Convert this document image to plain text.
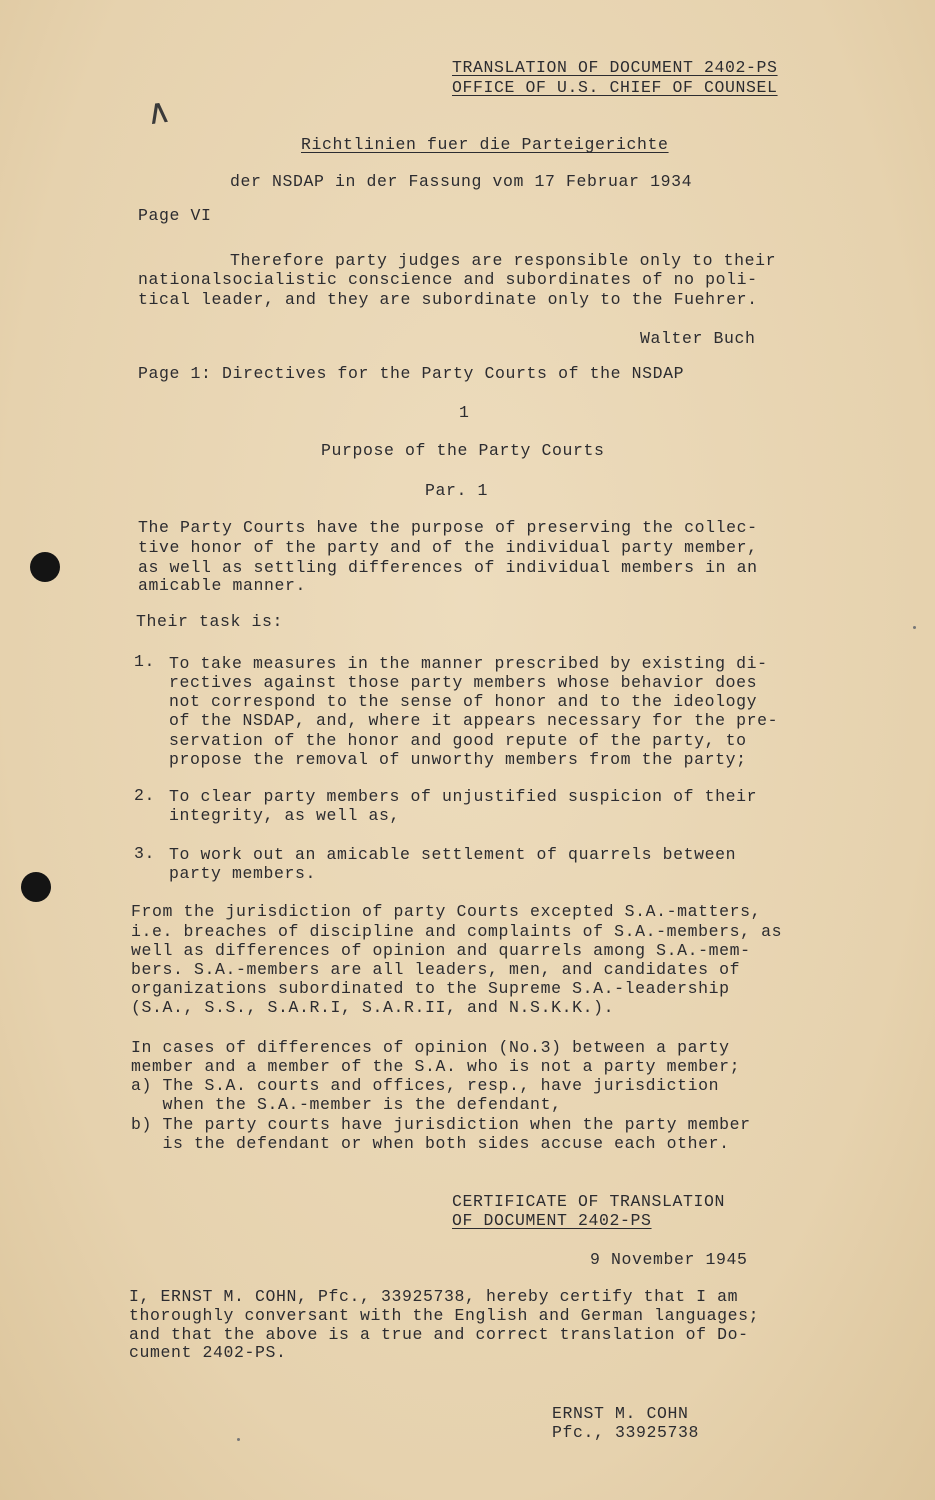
∧
TRANSLATION OF DOCUMENT 2402-PS
OFFICE OF U.S. CHIEF OF COUNSEL
Richtlinien fuer die Parteigerichte
der NSDAP in der Fassung vom 17 Februar 1934
Page VI
Therefore party judges are responsible only to their
nationalsocialistic conscience and subordinates of no poli-
tical leader, and they are subordinate only to the Fuehrer.
Walter Buch
Page 1: Directives for the Party Courts of the NSDAP
1
Purpose of the Party Courts
Par. 1
The Party Courts have the purpose of preserving the collec-
tive honor of the party and of the individual party member,
as well as settling differences of individual members in an
amicable manner.
Their task is:
1. To take measures in the manner prescribed by existing di-
rectives against those party members whose behavior does
not correspond to the sense of honor and to the ideology
of the NSDAP, and, where it appears necessary for the pre-
servation of the honor and good repute of the party, to
propose the removal of unworthy members from the party;
2. To clear party members of unjustified suspicion of their
integrity, as well as,
3. To work out an amicable settlement of quarrels between
party members.
From the jurisdiction of party Courts excepted S.A.-matters,
i.e. breaches of discipline and complaints of S.A.-members, as
well as differences of opinion and quarrels among S.A.-mem-
bers. S.A.-members are all leaders, men, and candidates of
organizations subordinated to the Supreme S.A.-leadership
(S.A., S.S., S.A.R.I, S.A.R.II, and N.S.K.K.).
In cases of differences of opinion (No.3) between a party
member and a member of the S.A. who is not a party member;
a) The S.A. courts and offices, resp., have jurisdiction
when the S.A.-member is the defendant,
b) The party courts have jurisdiction when the party member
is the defendant or when both sides accuse each other.
CERTIFICATE OF TRANSLATION
OF DOCUMENT 2402-PS
9 November 1945
I, ERNST M. COHN, Pfc., 33925738, hereby certify that I am
thoroughly conversant with the English and German languages;
and that the above is a true and correct translation of Do-
cument 2402-PS.
ERNST M. COHN
Pfc., 33925738
